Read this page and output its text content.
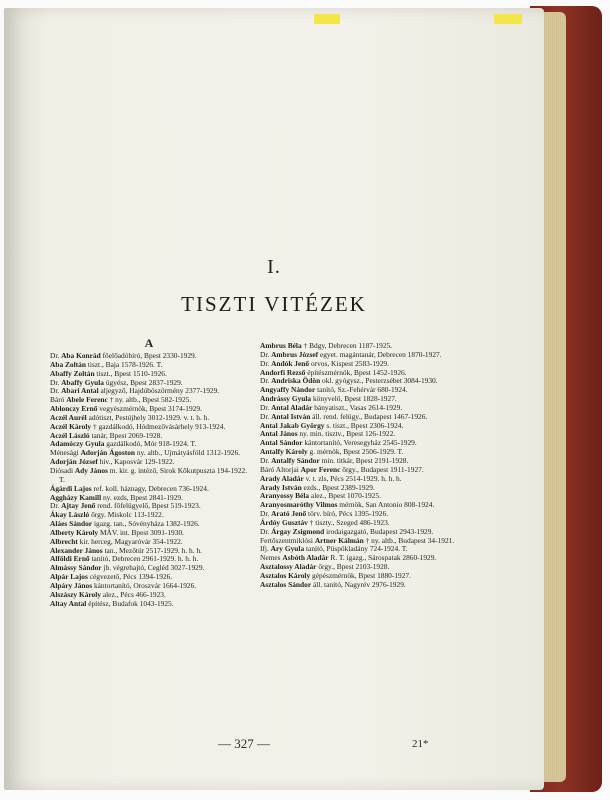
I.
TISZTI VITÉZEK
A

Dr. Aba Konrád főelőadóbíró, Bpest 2330-1929.

Aba Zoltán tiszt., Baja 1578-1926. T.

Abaffy Zoltán tiszt., Bpest 1510-1926.

Dr. Abaffy Gyula ügyész, Bpest 2837-1929.

Dr. Abari Antal aljegyző, Hajdúböszörmény 2377-1929.

Báró Abele Ferenc † ny. altb., Bpest 582-1925.

Ablonczy Ernő vegyészmérnök, Bpest 3174-1929.

Aczél Aurél adótiszt, Pestújhely 3012-1929. v. t. h. h.

Aczél Károly † gazdálkodó, Hódmezővásárhely 913-1924.

Aczél László tanár, Bpest 2069-1928.

Adamóczy Gyula gazdálkodó, Mór 918-1924. T.

Ménesági Adorján Ágoston ny. altb., Ujmátyásföld 1312-1926.

Adorján József hiv., Kaposvár 129-1922.

Diósadi Ady János m. kir. g. intéző, Sirok Kőkutpuszta 194-1922. T.

Ágárdi Lajos ref. koll. háznagy, Debrecen 736-1924.

Aggházy Kamill ny. ezds, Bpest 2841-1929.

Dr. Ajtay Jenő rend. főfelügyelő, Bpest 519-1923.

Ákay László őrgy. Miskolc 113-1922.

Aláes Sándor igazg. tan., Sóvényháza 1382-1926.

Alberty Károly MÁV. int. Bpest 3091-1930.

Albrecht kir. herceg, Magyaróvár 354-1922.

Alexander János tan., Mezőtúr 2517-1929. h. h. h.

Alföldi Ernő tanító, Debrecen 2961-1929. h. h. h.

Almássy Sándor jb. végrehajtó, Cegléd 3027-1929.

Alpár Lajos cégvezető, Pécs 1394-1926.

Alpáry János kántortanító, Oroszvár 1664-1926.

Alszászy Károly alez., Pécs 466-1923.

Altay Antal építész, Budafok 1043-1925.

Ambrus Béla † Bdgy, Debrecen 1187-1925.

Dr. Ambrus József egyet. magántanár, Debrecen 1870-1927.

Dr. Andók Jenő orvos, Kispest 2583-1929.

Andorfi Rezső építészmérnök, Bpest 1452-1926.

Dr. Andriska Ödön okl. gyógysz., Pesterzsébet 3084-1930.

Angyaffy Nándor tanító, Sz.-Fehérvár 680-1924.

Andrássy Gyula könyvelő, Bpest 1828-1927.

Dr. Antal Aladár bányatiszt., Vasas 2614-1929.

Dr. Antal István áll. rend. felügy., Budapest 1467-1926.

Antal Jakab György s. tiszt., Bpest 2306-1924.

Antal János ny. min. tisztv., Bpest 126-1922.

Antal Sándor kántortanító, Veresegyház 2545-1929.

Antalfy Károly g. mérnök, Bpest 2506-1929. T.

Dr. Antalfy Sándor min. titkár, Bpest 2191-1928.

Báró Altorjai Apor Ferenc őrgy., Budapest 1911-1927.

Arady Aladár v. t. zls, Pécs 2514-1929. h. h. h.

Arady István ezds., Bpest 2389-1929.

Aranyossy Béla alez., Bpest 1070-1925.

Aranyosmaróthy Vilmos mérnök, San Antonio 808-1924.

Dr. Arató Jenő törv. bíró, Pécs 1395-1926.

Árdóy Gusztáv † tiszty., Szeged 486-1923.

Dr. Árgay Zsigmond irodaigazgató, Budapest 2943-1929.

Fertőszentmiklósi Artner Kálmán † ny. altb., Budapest 34-1921.

Ifj. Ary Gyula tanító, Püspökladány 724-1924. T.

Nemes Asbóth Aladár R. T. igazg., Sárospatak 2860-1929.

Asztalossy Aladár őrgy., Bpest 2103-1928.

Asztalos Károly gépészmérnök, Bpest 1880-1927.

Asztalos Sándor áll. tanító, Nagyrév 2976-1929.

— 327 —	21*
